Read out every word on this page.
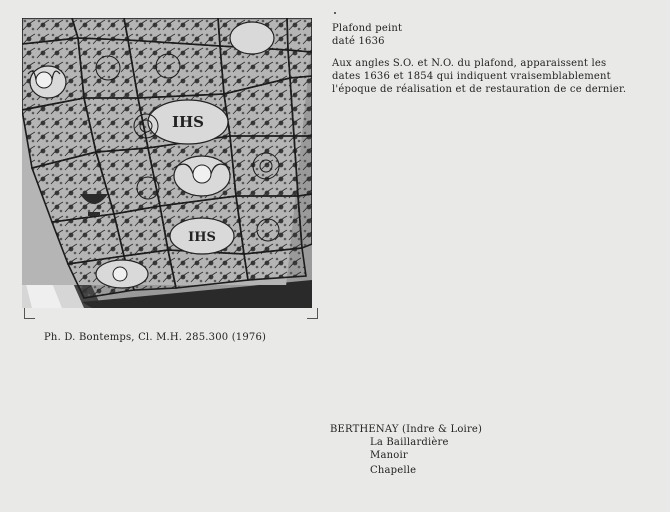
IHS
IHS
Plafond peint
daté 1636
Aux angles S.O. et N.O. du plafond, apparaissent les
dates 1636 et 1854 qui indiquent vraisemblablement
l'époque de réalisation et de restauration de ce dernier.
Ph. D. Bontemps, Cl. M.H. 285.300 (1976)
BERTHENAY (Indre & Loire)
La Baillardière
Manoir
Chapelle
